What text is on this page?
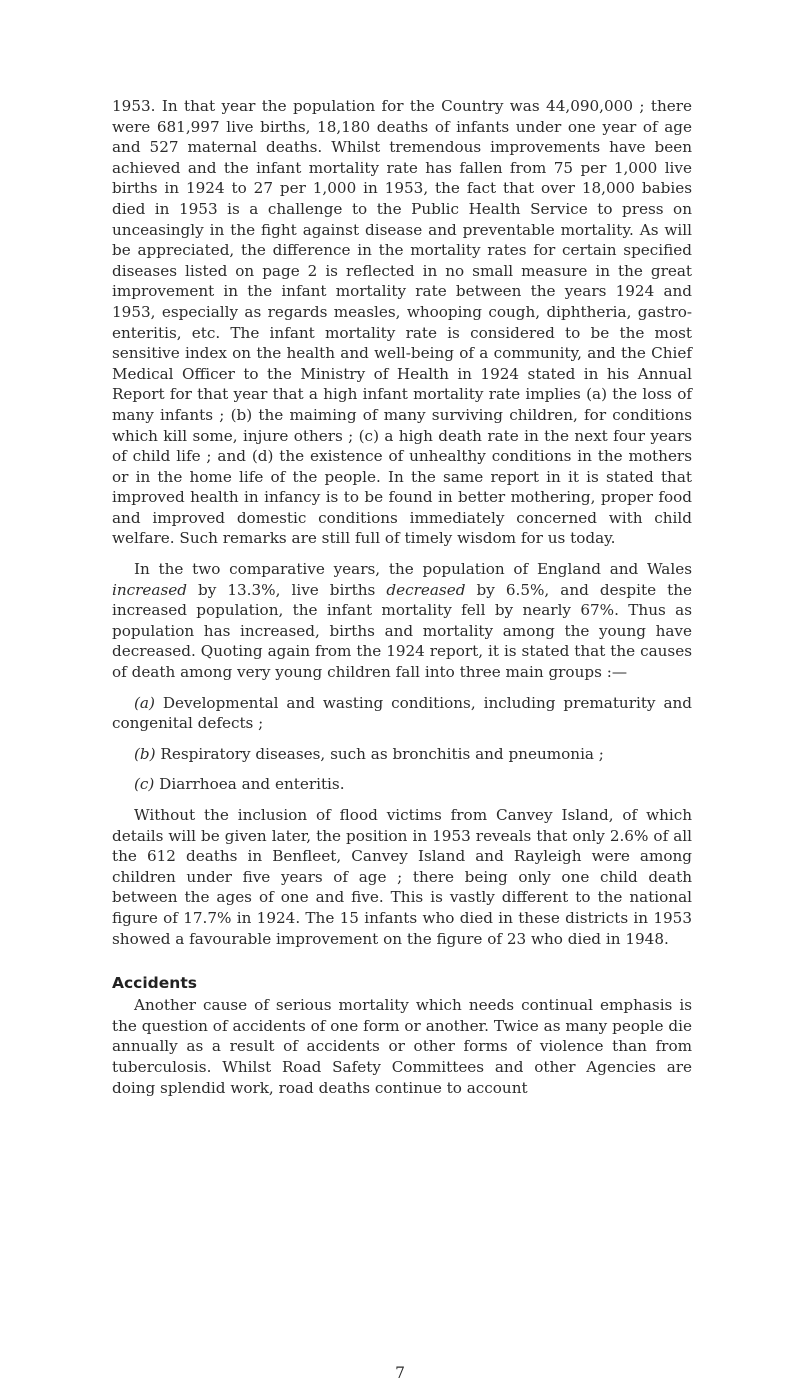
1953. In that year the population for the Country was 44,090,000 ; there were 681,997 live births, 18,180 deaths of infants under one year of age and 527 maternal deaths. Whilst tremendous improvements have been achieved and the infant mortality rate has fallen from 75 per 1,000 live births in 1924 to 27 per 1,000 in 1953, the fact that over 18,000 babies died in 1953 is a challenge to the Public Health Service to press on unceasingly in the fight against disease and preventable mortality. As will be appreciated, the difference in the mortality rates for certain specified diseases listed on page 2 is reflected in no small measure in the great improvement in the infant mortality rate between the years 1924 and 1953, especially as regards measles, whooping cough, diphtheria, gastro-enteritis, etc. The infant mortality rate is considered to be the most sensitive index on the health and well-being of a community, and the Chief Medical Officer to the Ministry of Health in 1924 stated in his Annual Report for that year that a high infant mortality rate implies (a) the loss of many infants ; (b) the maiming of many surviving children, for conditions which kill some, injure others ; (c) a high death rate in the next four years of child life ; and (d) the existence of unhealthy conditions in the mothers or in the home life of the people. In the same report in it is stated that improved health in infancy is to be found in better mothering, proper food and improved domestic conditions immediately concerned with child welfare. Such remarks are still full of timely wisdom for us today.

In the two comparative years, the population of England and Wales increased by 13.3%, live births decreased by 6.5%, and despite the increased population, the infant mortality fell by nearly 67%. Thus as population has increased, births and mortality among the young have decreased. Quoting again from the 1924 report, it is stated that the causes of death among very young children fall into three main groups :—

(a) Developmental and wasting conditions, including prematurity and congenital defects ;

(b) Respiratory diseases, such as bronchitis and pneumonia ;

(c) Diarrhoea and enteritis.

Without the inclusion of flood victims from Canvey Island, of which details will be given later, the position in 1953 reveals that only 2.6% of all the 612 deaths in Benfleet, Canvey Island and Rayleigh were among children under five years of age ; there being only one child death between the ages of one and five. This is vastly different to the national figure of 17.7% in 1924. The 15 infants who died in these districts in 1953 showed a favourable improvement on the figure of 23 who died in 1948.

Accidents

Another cause of serious mortality which needs continual emphasis is the question of accidents of one form or another. Twice as many people die annually as a result of accidents or other forms of violence than from tuberculosis. Whilst Road Safety Committees and other Agencies are doing splendid work, road deaths continue to account

7
